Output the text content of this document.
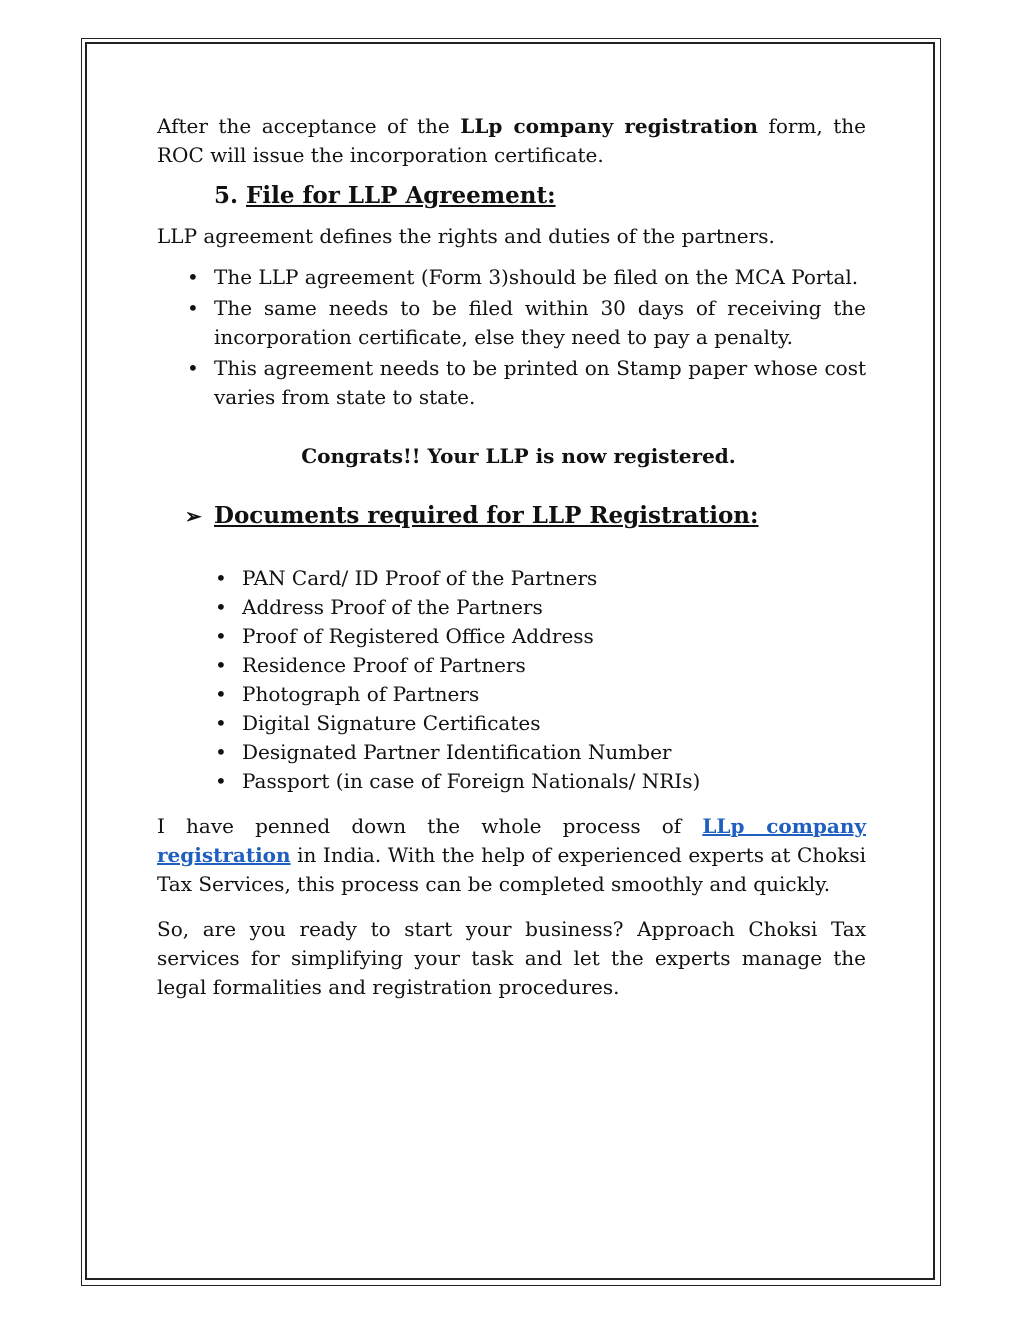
After the acceptance of the LLp company registration form, the ROC will issue the incorporation certificate.

5. File for LLP Agreement:

LLP agreement defines the rights and duties of the partners.

• The LLP agreement (Form 3)should be filed on the MCA Portal.
• The same needs to be filed within 30 days of receiving the incorporation certificate, else they need to pay a penalty.
• This agreement needs to be printed on Stamp paper whose cost varies from state to state.

Congrats!! Your LLP is now registered.

➢ Documents required for LLP Registration:
• PAN Card/ ID Proof of the Partners
• Address Proof of the Partners
• Proof of Registered Office Address
• Residence Proof of Partners
• Photograph of Partners
• Digital Signature Certificates
• Designated Partner Identification Number
• Passport (in case of Foreign Nationals/ NRIs)

I have penned down the whole process of LLp company registration in India. With the help of experienced experts at Choksi Tax Services, this process can be completed smoothly and quickly.

So, are you ready to start your business? Approach Choksi Tax services for simplifying your task and let the experts manage the legal formalities and registration procedures.
